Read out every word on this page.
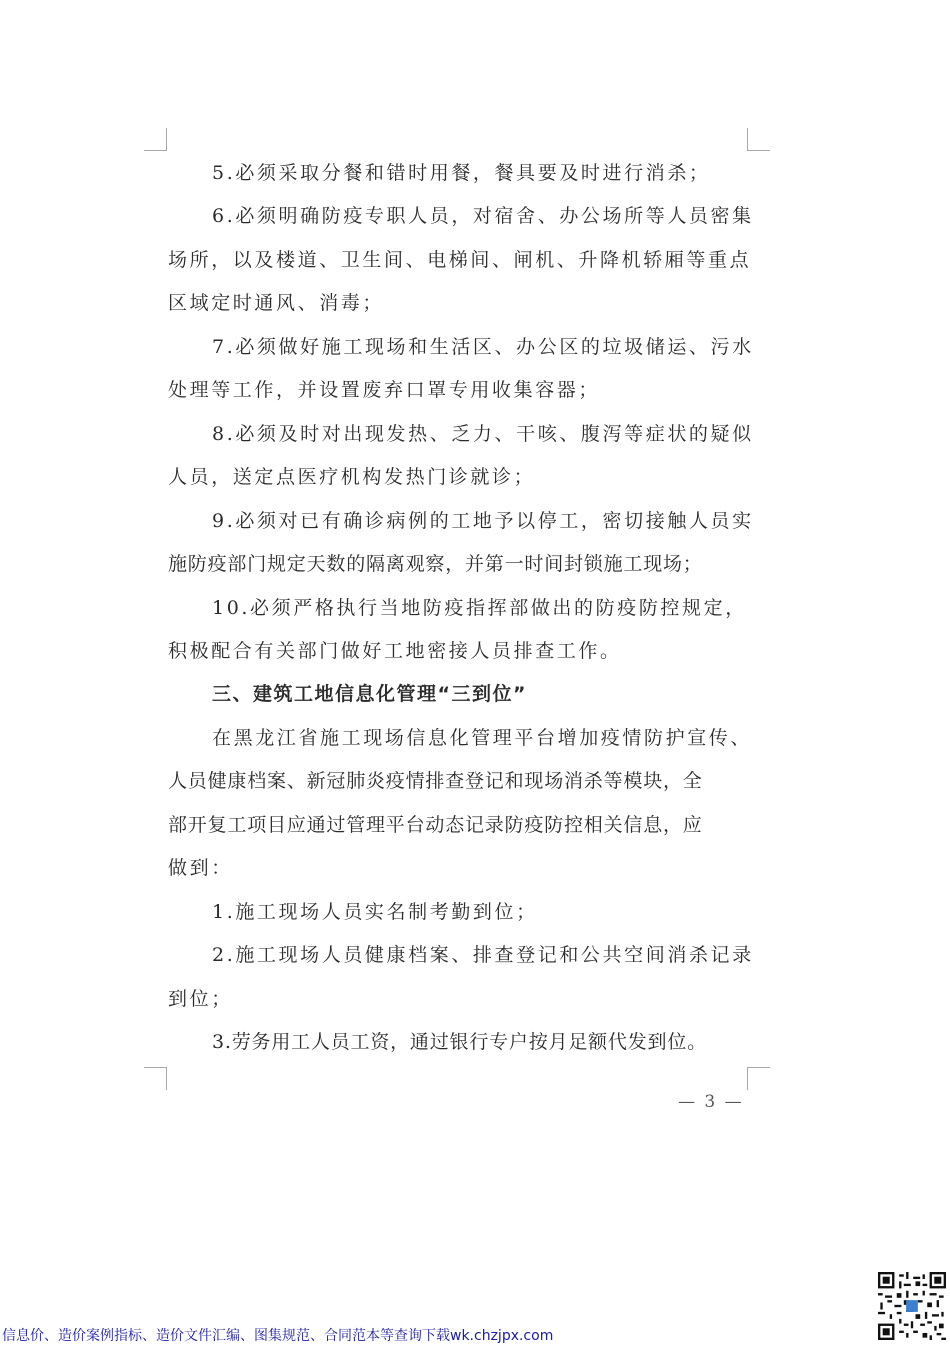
5.必须采取分餐和错时用餐，餐具要及时进行消杀；
6.必须明确防疫专职人员，对宿舍、办公场所等人员密集
场所，以及楼道、卫生间、电梯间、闸机、升降机轿厢等重点
区域定时通风、消毒；
7.必须做好施工现场和生活区、办公区的垃圾储运、污水
处理等工作，并设置废弃口罩专用收集容器；
8.必须及时对出现发热、乏力、干咳、腹泻等症状的疑似
人员，送定点医疗机构发热门诊就诊；
9.必须对已有确诊病例的工地予以停工，密切接触人员实
施防疫部门规定天数的隔离观察，并第一时间封锁施工现场；
10.必须严格执行当地防疫指挥部做出的防疫防控规定，
积极配合有关部门做好工地密接人员排查工作。
三、建筑工地信息化管理“三到位”
在黑龙江省施工现场信息化管理平台增加疫情防护宣传、
人员健康档案、新冠肺炎疫情排查登记和现场消杀等模块，全
部开复工项目应通过管理平台动态记录防疫防控相关信息，应
做到：
1.施工现场人员实名制考勤到位；
2.施工现场人员健康档案、排查登记和公共空间消杀记录
到位；
3.劳务用工人员工资，通过银行专户按月足额代发到位。
— 3 —
信息价、造价案例指标、造价文件汇编、图集规范、合同范本等查询下载wk.chzjpx.com
